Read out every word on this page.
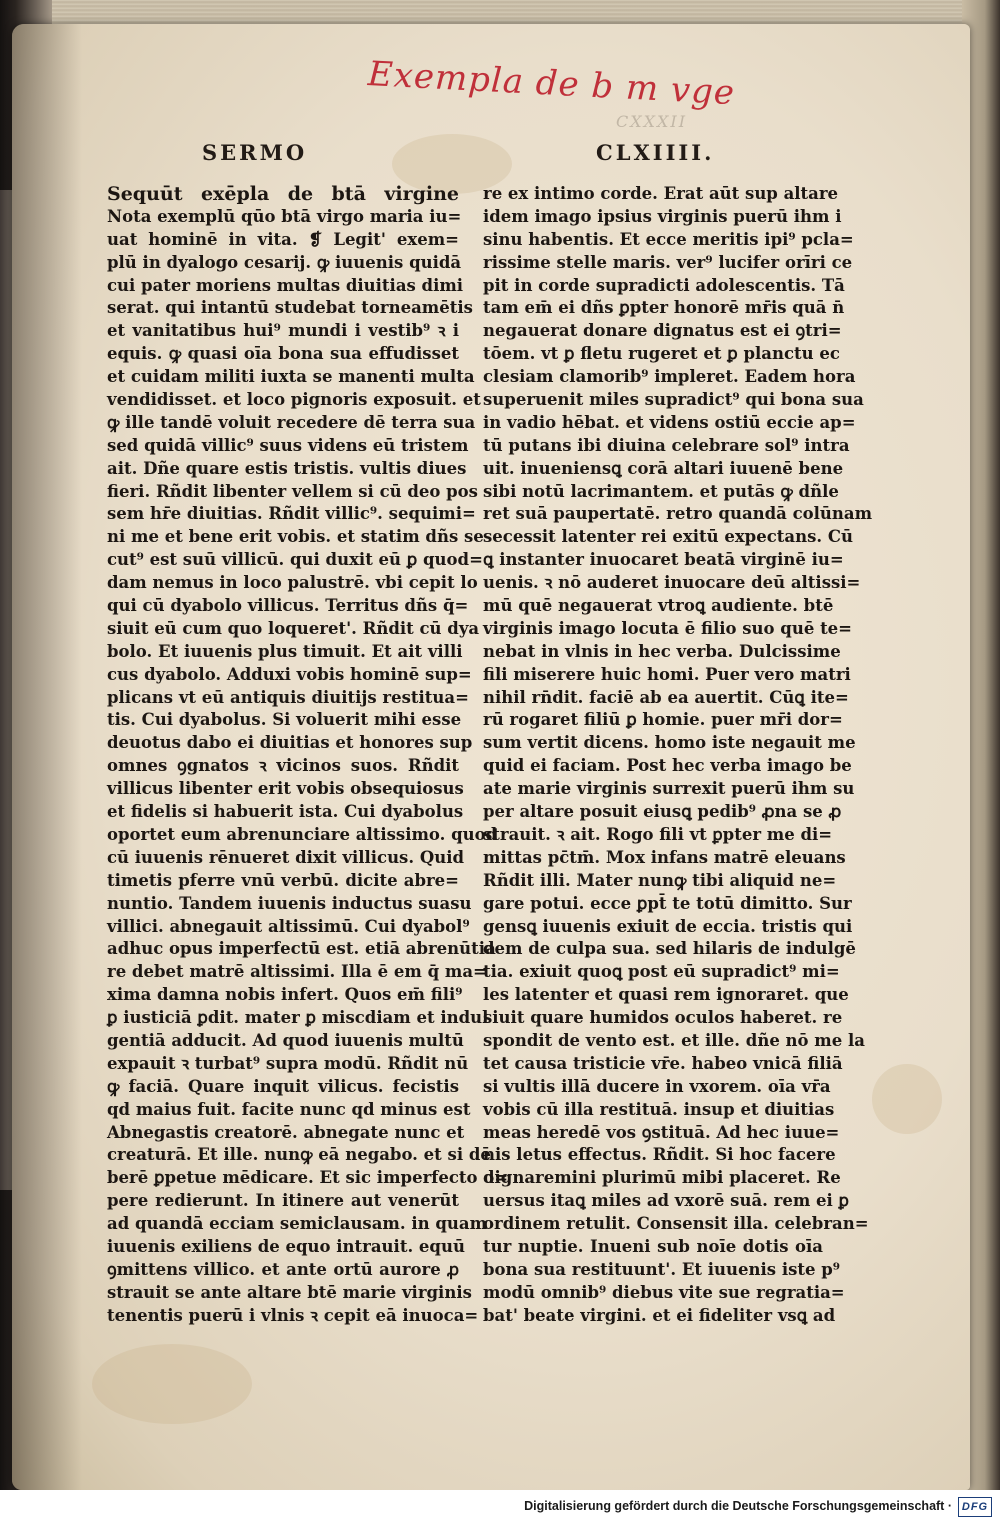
CXXXII
Exempla de b m vge
SERMO	CLXIIII.
Sequūt exēpla de btā virgine
Nota exemplū qūo btā virgo maria iu=
uat hominē in vita. ❡ Legit' exem=
plū in dyalogo cesarij. ꝙ iuuenis quidā
cui pater moriens multas diuitias dimi
serat. qui intantū studebat torneamētis
et vanitatibus hui⁹ mundi i vestib⁹ ꝛ i
equis. ꝙ quasi oīa bona sua effudisset
et cuidam militi iuxta se manenti multa
vendidisset. et loco pignoris exposuit. et
ꝙ ille tandē voluit recedere dē terra sua
sed quidā villic⁹ suus videns eū tristem
ait. Dñe quare estis tristis. vultis diues
fieri. Rñdit libenter vellem si cū deo pos
sem hr̄e diuitias. Rñdit villic⁹. sequimi=
ni me et bene erit vobis. et statim dñs se
cut⁹ est suū villicū. qui duxit eū ꝑ quod=
dam nemus in loco palustrē. vbi cepit lo
qui cū dyabolo villicus. Territus dñs q̄=
siuit eū cum quo loqueret'. Rñdit cū dya
bolo. Et iuuenis plus timuit. Et ait villi
cus dyabolo. Adduxi vobis hominē sup=
plicans vt eū antiquis diuitijs restitua=
tis. Cui dyabolus. Si voluerit mihi esse
deuotus dabo ei diuitias et honores sup
omnes ꝯgnatos ꝛ vicinos suos. Rñdit
villicus libenter erit vobis obsequiosus
et fidelis si habuerit ista. Cui dyabolus
oportet eum abrenunciare altissimo. quod
cū iuuenis rēnueret dixit villicus. Quid
timetis pferre vnū verbū. dicite abre=
nuntio. Tandem iuuenis inductus suasu
villici. abnegauit altissimū. Cui dyabol⁹
adhuc opus imperfectū est. etiā abrenūtia
re debet matrē altissimi. Illa ē em q̄ ma=
xima damna nobis infert. Quos em̄ fili⁹
ꝑ iusticiā ꝑdit. mater ꝑ miscdiam et indul
gentiā adducit. Ad quod iuuenis multū
expauit ꝛ turbat⁹ supra modū. Rñdit nū
ꝙ faciā. Quare inquit vilicus. fecistis
qd maius fuit. facite nunc qd minus est
Abnegastis creatorē. abnegate nunc et
creaturā. Et ille. nunꝙ eā negabo. et si dē
berē ꝑpetue mēdicare. Et sic imperfecto o=
pere redierunt. In itinere aut venerūt
ad quandā ecciam semiclausam. in quam
iuuenis exiliens de equo intrauit. equū
ꝯmittens villico. et ante ortū aurore ꝓ
strauit se ante altare btē marie virginis
tenentis puerū i vlnis ꝛ cepit eā inuoca=
re ex intimo corde. Erat aūt sup altare
idem imago ipsius virginis puerū ihm i
sinu habentis. Et ecce meritis ipi⁹ pcla=
rissime stelle maris. ver⁹ lucifer orīri ce
pit in corde supradicti adolescentis. Tā
tam em̄ ei dñs ꝑpter honorē mr̄is quā n̄
negauerat donare dignatus est ei ꝯtri=
tōem. vt ꝑ fletu rugeret et ꝑ planctu ec
clesiam clamorib⁹ impleret. Eadem hora
superuenit miles supradict⁹ qui bona sua
in vadio hēbat. et videns ostiū eccie ap=
tū putans ibi diuina celebrare sol⁹ intra
uit. inueniensꝗ corā altari iuuenē bene
sibi notū lacrimantem. et putās ꝙ dñle
ret suā paupertatē. retro quandā colūnam
secessit latenter rei exitū expectans. Cū
ꝗ instanter inuocaret beatā virginē iu=
uenis. ꝛ nō auderet inuocare deū altissi=
mū quē negauerat vtroꝗ audiente. btē
virginis imago locuta ē filio suo quē te=
nebat in vlnis in hec verba. Dulcissime
fili miserere huic homi. Puer vero matri
nihil rn̄dit. faciē ab ea auertit. Cūꝗ ite=
rū rogaret filiū ꝑ homie. puer mr̄i dor=
sum vertit dicens. homo iste negauit me
quid ei faciam. Post hec verba imago be
ate marie virginis surrexit puerū ihm su
per altare posuit eiusꝗ pedib⁹ ꝓna se ꝓ
strauit. ꝛ ait. Rogo fili vt ꝑpter me di=
mittas pc̄tm̄. Mox infans matrē eleuans
Rñdit illi. Mater nunꝙ tibi aliquid ne=
gare potui. ecce ꝑpt̄ te totū dimitto. Sur
gensꝗ iuuenis exiuit de eccia. tristis qui
dem de culpa sua. sed hilaris de indulgē
tia. exiuit quoꝗ post eū supradict⁹ mi=
les latenter et quasi rem ignoraret. que
siuit quare humidos oculos haberet. re
spondit de vento est. et ille. dñe nō me la
tet causa tristicie vr̄e. habeo vnicā filiā
si vultis illā ducere in vxorem. oīa vr̄a
vobis cū illa restituā. insup et diuitias
meas heredē vos ꝯstituā. Ad hec iuue=
nis letus effectus. Rñdit. Si hoc facere
dignaremini plurimū mibi placeret. Re
uersus itaꝗ miles ad vxorē suā. rem ei ꝑ
ordinem retulit. Consensit illa. celebran=
tur nuptie. Inueni sub noīe dotis oīa
bona sua restituunt'. Et iuuenis iste p⁹
modū omnib⁹ diebus vite sue regratia=
bat' beate virgini. et ei fideliter vsꝗ ad
Digitalisierung gefördert durch die Deutsche Forschungsgemeinschaft · DFG
